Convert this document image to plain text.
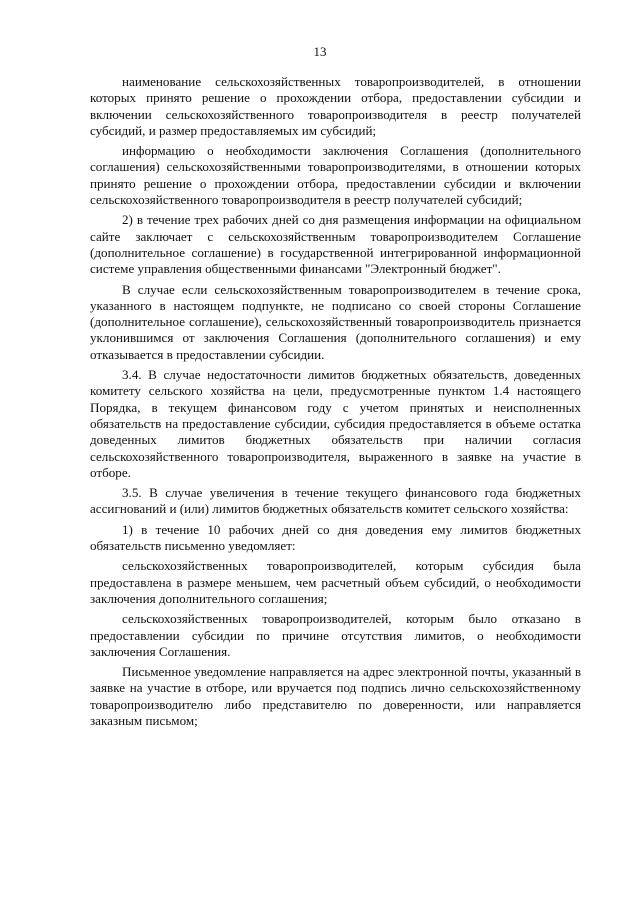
13

наименование сельскохозяйственных товаропроизводителей, в отношении которых принято решение о прохождении отбора, предоставлении субсидии и включении сельскохозяйственного товаропроизводителя в реестр получателей субсидий, и размер предоставляемых им субсидий;

информацию о необходимости заключения Соглашения (дополнительного соглашения) сельскохозяйственными товаропроизводителями, в отношении которых принято решение о прохождении отбора, предоставлении субсидии и включении сельскохозяйственного товаропроизводителя в реестр получателей субсидий;

2) в течение трех рабочих дней со дня размещения информации на официальном сайте заключает с сельскохозяйственным товаропроизводителем Соглашение (дополнительное соглашение) в государственной интегрированной информационной системе управления общественными финансами "Электронный бюджет".

В случае если сельскохозяйственным товаропроизводителем в течение срока, указанного в настоящем подпункте, не подписано со своей стороны Соглашение (дополнительное соглашение), сельскохозяйственный товаропроизводитель признается уклонившимся от заключения Соглашения (дополнительного соглашения) и ему отказывается в предоставлении субсидии.

3.4. В случае недостаточности лимитов бюджетных обязательств, доведенных комитету сельского хозяйства на цели, предусмотренные пунктом 1.4 настоящего Порядка, в текущем финансовом году с учетом принятых и неисполненных обязательств на предоставление субсидии, субсидия предоставляется в объеме остатка доведенных лимитов бюджетных обязательств при наличии согласия сельскохозяйственного товаропроизводителя, выраженного в заявке на участие в отборе.

3.5. В случае увеличения в течение текущего финансового года бюджетных ассигнований и (или) лимитов бюджетных обязательств комитет сельского хозяйства:

1) в течение 10 рабочих дней со дня доведения ему лимитов бюджетных обязательств письменно уведомляет:

сельскохозяйственных товаропроизводителей, которым субсидия была предоставлена в размере меньшем, чем расчетный объем субсидий, о необходимости заключения дополнительного соглашения;

сельскохозяйственных товаропроизводителей, которым было отказано в предоставлении субсидии по причине отсутствия лимитов, о необходимости заключения Соглашения.

Письменное уведомление направляется на адрес электронной почты, указанный в заявке на участие в отборе, или вручается под подпись лично сельскохозяйственному товаропроизводителю либо представителю по доверенности, или направляется заказным письмом;
